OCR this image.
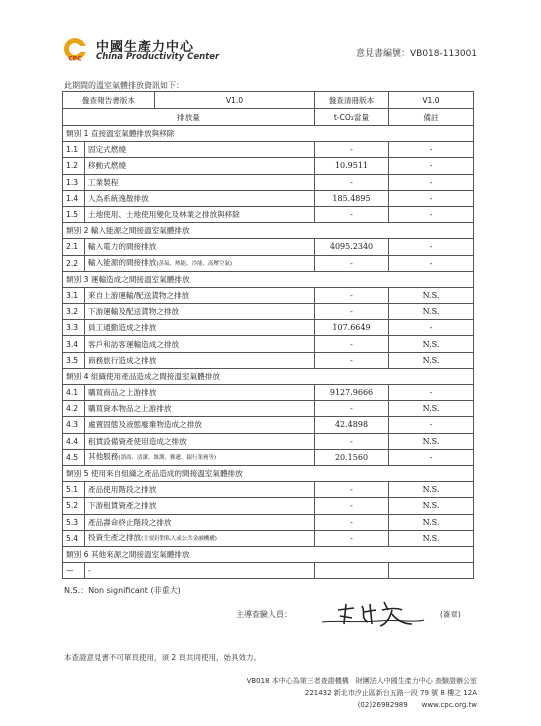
CPC
中國生產力中心
China Productivity Center	意見書編號：VB018-113001
此期間的溫室氣體排放資訊如下：
盤查報告書版本		V1.0	盤查清冊版本	V1.0
排放量			t-CO₂當量	備註
類別 1 直接溫室氣體排放與移除				
1.1	固定式燃燒		-	-
1.2	移動式燃燒		10.9511	-
1.3	工業製程		-	-
1.4	人為系統逸散排放		185.4895	-
1.5	土地使用、土地使用變化及林業之排放與移除		-	-
類別 2 輸入能源之間接溫室氣體排放				
2.1	輸入電力的間接排放		4095.2340	-
2.2	輸入能源的間接排放(蒸氣、熱能、冷能、高壓空氣)		-	-
類別 3 運輸造成之間接溫室氣體排放				
3.1	來自上游運輸/配送貨物之排放		-	N.S.
3.2	下游運輸及配送貨物之排放		-	N.S.
3.3	員工通勤造成之排放		107.6649	-
3.4	客戶和訪客運輸造成之排放		-	N.S.
3.5	商務旅行造成之排放		-	N.S.
類別 4 組織使用產品造成之間接溫室氣體排放				
4.1	購買商品之上游排放		9127.9666	-
4.2	購買資本物品之上游排放		-	N.S.
4.3	處置固態及液態廢棄物造成之排放		42.4898	-
4.4	租賃設備資產使用造成之排放		-	N.S.
4.5	其他服務(諮商、清潔、維護、郵遞、銀行業務等)		20.1560	-
類別 5 使用來自組織之產品造成的間接溫室氣體排放				
5.1	產品使用階段之排放		-	N.S.
5.2	下游租賃資產之排放		-	N.S.
5.3	產品壽命終止階段之排放		-	N.S.
5.4	投資生產之排放(主要針對私人或公共金融機構)		-	N.S.
類別 6 其他來源之間接溫室氣體排放				
—	-			
N.S.：Non significant (非重大)
主導查驗人員：	(簽章)
本查證意見書不可單頁使用，須 2 頁共同使用，始具效力。
VB018 本中心為第三者查證機構　財團法人中國生產力中心 查驗證辦公室
221432 新北市汐止區新台五路一段 79 號 8 樓之 12A
(02)26982989　　www.cpc.org.tw
